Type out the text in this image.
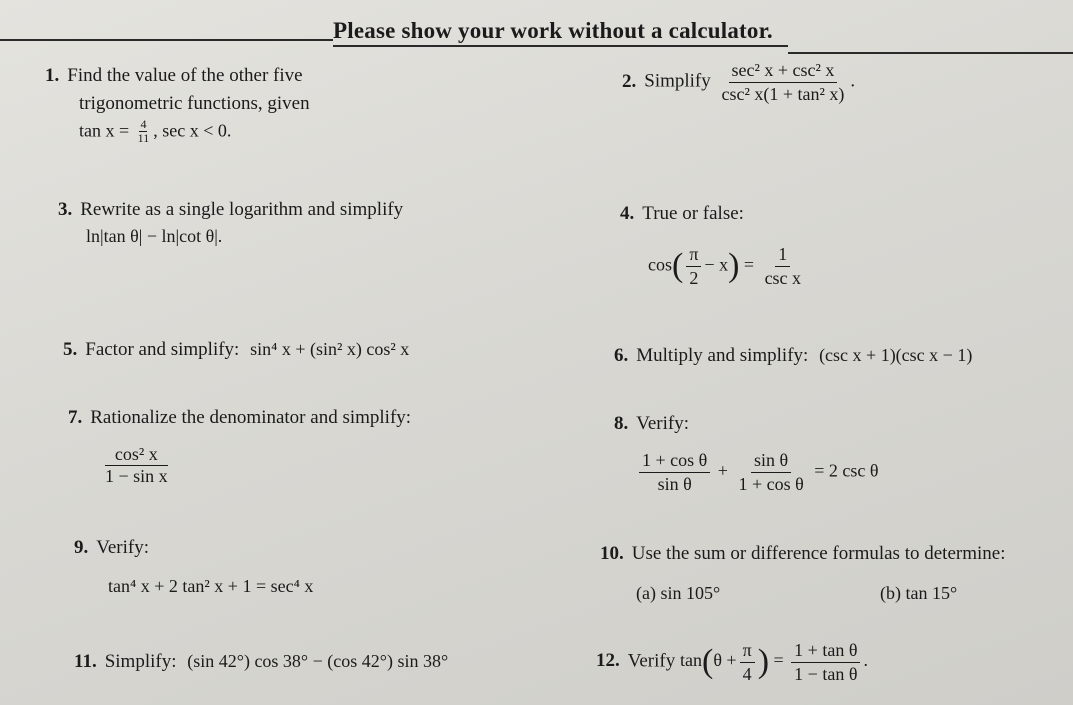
Please show your work without a calculator.
1. Find the value of the other five
trigonometric functions, given
$\tan x = \frac{4}{11}$ , sec x < 0.
2. Simplify $\frac{\text{sec² x + csc² x}}{\text{csc² x(1 + tan² x)}}$ .
3. Rewrite as a single logarithm and simplify
ln|tan θ| − ln|cot θ|.
4. True or false:
$\cos( \frac{\pi}{2} - x) = \frac{1}{\text{csc x}}$
5. Factor and simplify: sin⁴ x + (sin² x) cos² x	6. Multiply and simplify: (csc x + 1)(csc x − 1)
7. Rationalize the denominator and simplify:
$\frac{\text{cos² x}}{\text{1 − sin x}}$
8. Verify:
$\frac{\text{1 + cos θ}}{\text{sin θ}} + \frac{\text{sin θ}}{\text{1 + cos θ}} = 2$ csc θ
9. Verify:
tan⁴ x + 2 tan² x + 1 = sec⁴ x
10. Use the sum or difference formulas to determine:
(a) sin 105°	(b) tan 15°
11. Simplify: (sin 42°) cos 38° − (cos 42°) sin 38°	12. Verify $\tan(\theta + \frac{\pi}{4}$ ) = $\frac{\text{1 + tan θ}}{\text{1 − tan θ}}$ .
